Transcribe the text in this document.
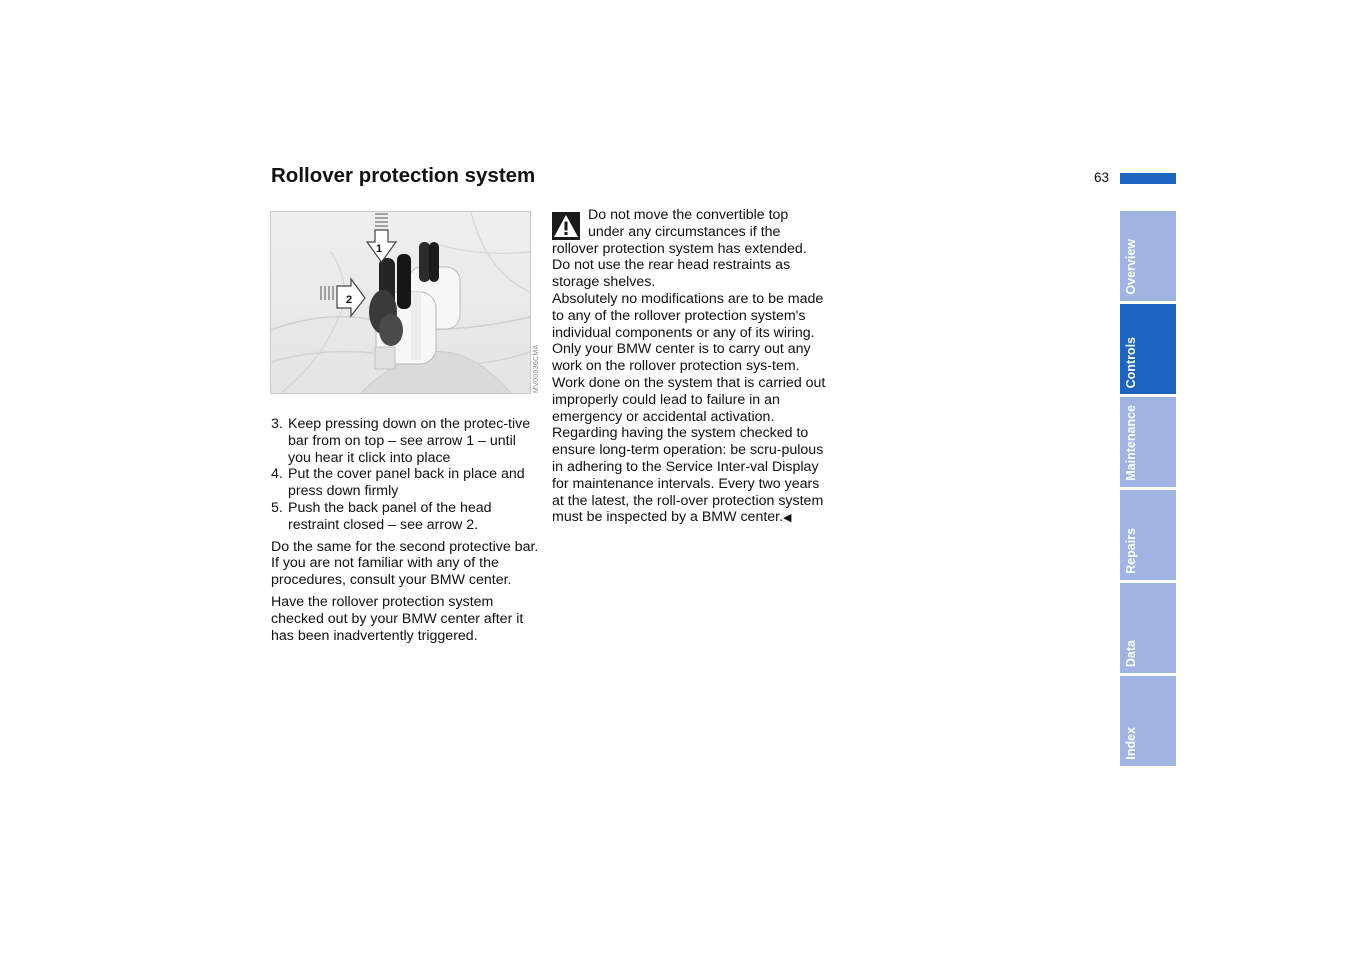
Rollover protection system	63
1
2
MV00036CMA
3. Keep pressing down on the protec-tive bar from on top – see arrow 1 – until you hear it click into place
4. Put the cover panel back in place and press down firmly
5. Push the back panel of the head restraint closed – see arrow 2.

Do the same for the second protective bar. If you are not familiar with any of the procedures, consult your BMW center.

Have the rollover protection system checked out by your BMW center after it has been inadvertently triggered.

Do not move the convertible top under any circumstances if the rollover protection system has extended.
Do not use the rear head restraints as storage shelves.
Absolutely no modifications are to be made to any of the rollover protection system's individual components or any of its wiring.
Only your BMW center is to carry out any work on the rollover protection sys-tem.
Work done on the system that is carried out improperly could lead to failure in an emergency or accidental activation.
Regarding having the system checked to ensure long-term operation: be scru-pulous in adhering to the Service Inter-val Display for maintenance intervals. Every two years at the latest, the roll-over protection system must be inspected by a BMW center.◀

Overview
Controls
Maintenance
Repairs
Data
Index
